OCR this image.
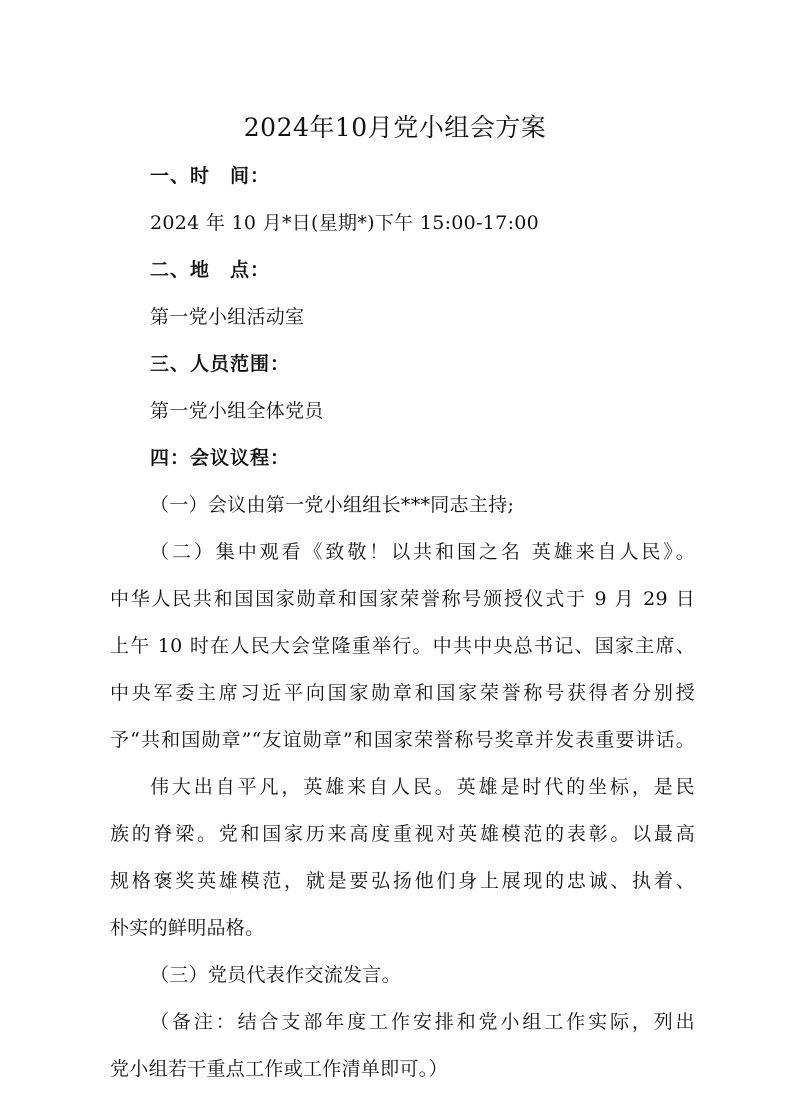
2024年10月党小组会方案
一、时　间：
2024 年 10 月*日(星期*)下午 15:00-17:00
二、地　点：
第一党小组活动室
三、人员范围：
第一党小组全体党员
四：会议议程：
（一）会议由第一党小组组长***同志主持;
（二）集中观看《致敬！以共和国之名 英雄来自人民》。
中华人民共和国国家勋章和国家荣誉称号颁授仪式于 9 月 29 日
上午 10 时在人民大会堂隆重举行。中共中央总书记、国家主席、
中央军委主席习近平向国家勋章和国家荣誉称号获得者分别授
予“共和国勋章”“友谊勋章”和国家荣誉称号奖章并发表重要讲话。
伟大出自平凡，英雄来自人民。英雄是时代的坐标，是民
族的脊梁。党和国家历来高度重视对英雄模范的表彰。以最高
规格褒奖英雄模范，就是要弘扬他们身上展现的忠诚、执着、
朴实的鲜明品格。
（三）党员代表作交流发言。
（备注：结合支部年度工作安排和党小组工作实际，列出
党小组若干重点工作或工作清单即可。）
